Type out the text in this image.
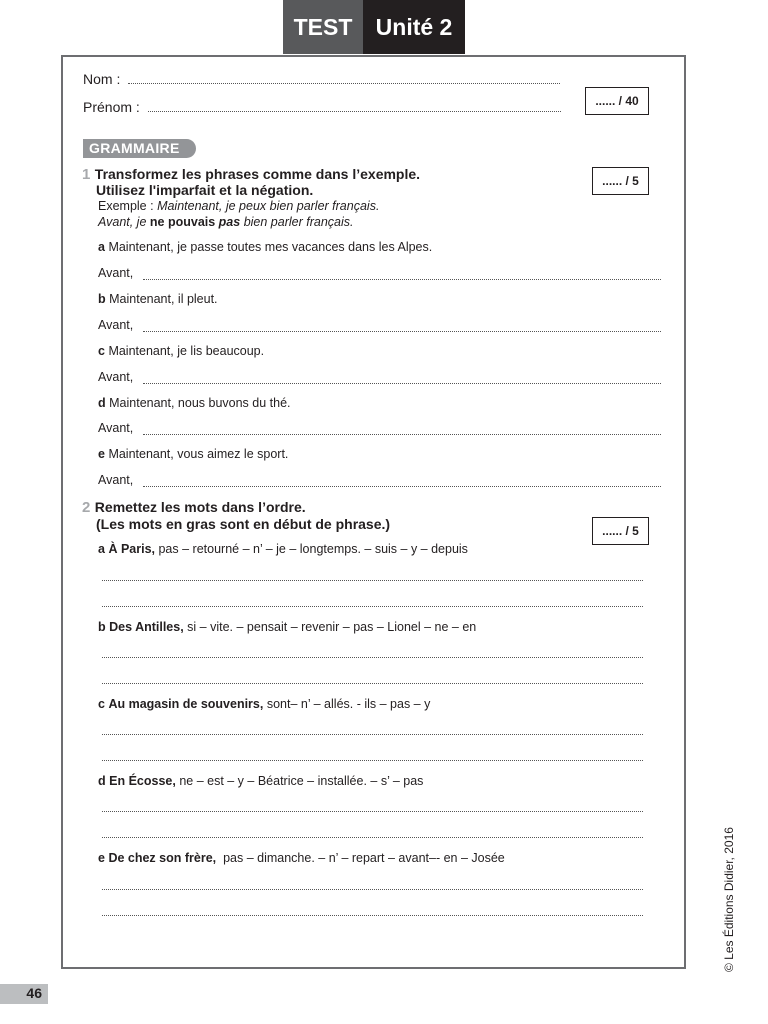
TEST	Unité 2
Nom :
Prénom :	...... / 40
GRAMMAIRE
1 Transformez les phrases comme dans l’exemple.
Utilisez l'imparfait et la négation.
...... / 5
Exemple : Maintenant, je peux bien parler français.
Avant, je ne pouvais pas bien parler français.
a Maintenant, je passe toutes mes vacances dans les Alpes.
Avant,
b Maintenant, il pleut.
Avant,
c Maintenant, je lis beaucoup.
Avant,
d Maintenant, nous buvons du thé.
Avant,
e Maintenant, vous aimez le sport.
Avant,
2 Remettez les mots dans l’ordre.
(Les mots en gras sont en début de phrase.)	...... / 5
a À Paris, pas – retourné – n’ – je – longtemps. – suis – y – depuis
b Des Antilles, si – vite. – pensait – revenir – pas – Lionel – ne – en
c Au magasin de souvenirs, sont– n’ – allés. - ils – pas – y
d En Écosse, ne – est – y – Béatrice – installée. – s’ – pas
e De chez son frère, pas – dimanche. – n’ – repart – avant–- en – Josée	© Les Éditions Didier, 2016
46
